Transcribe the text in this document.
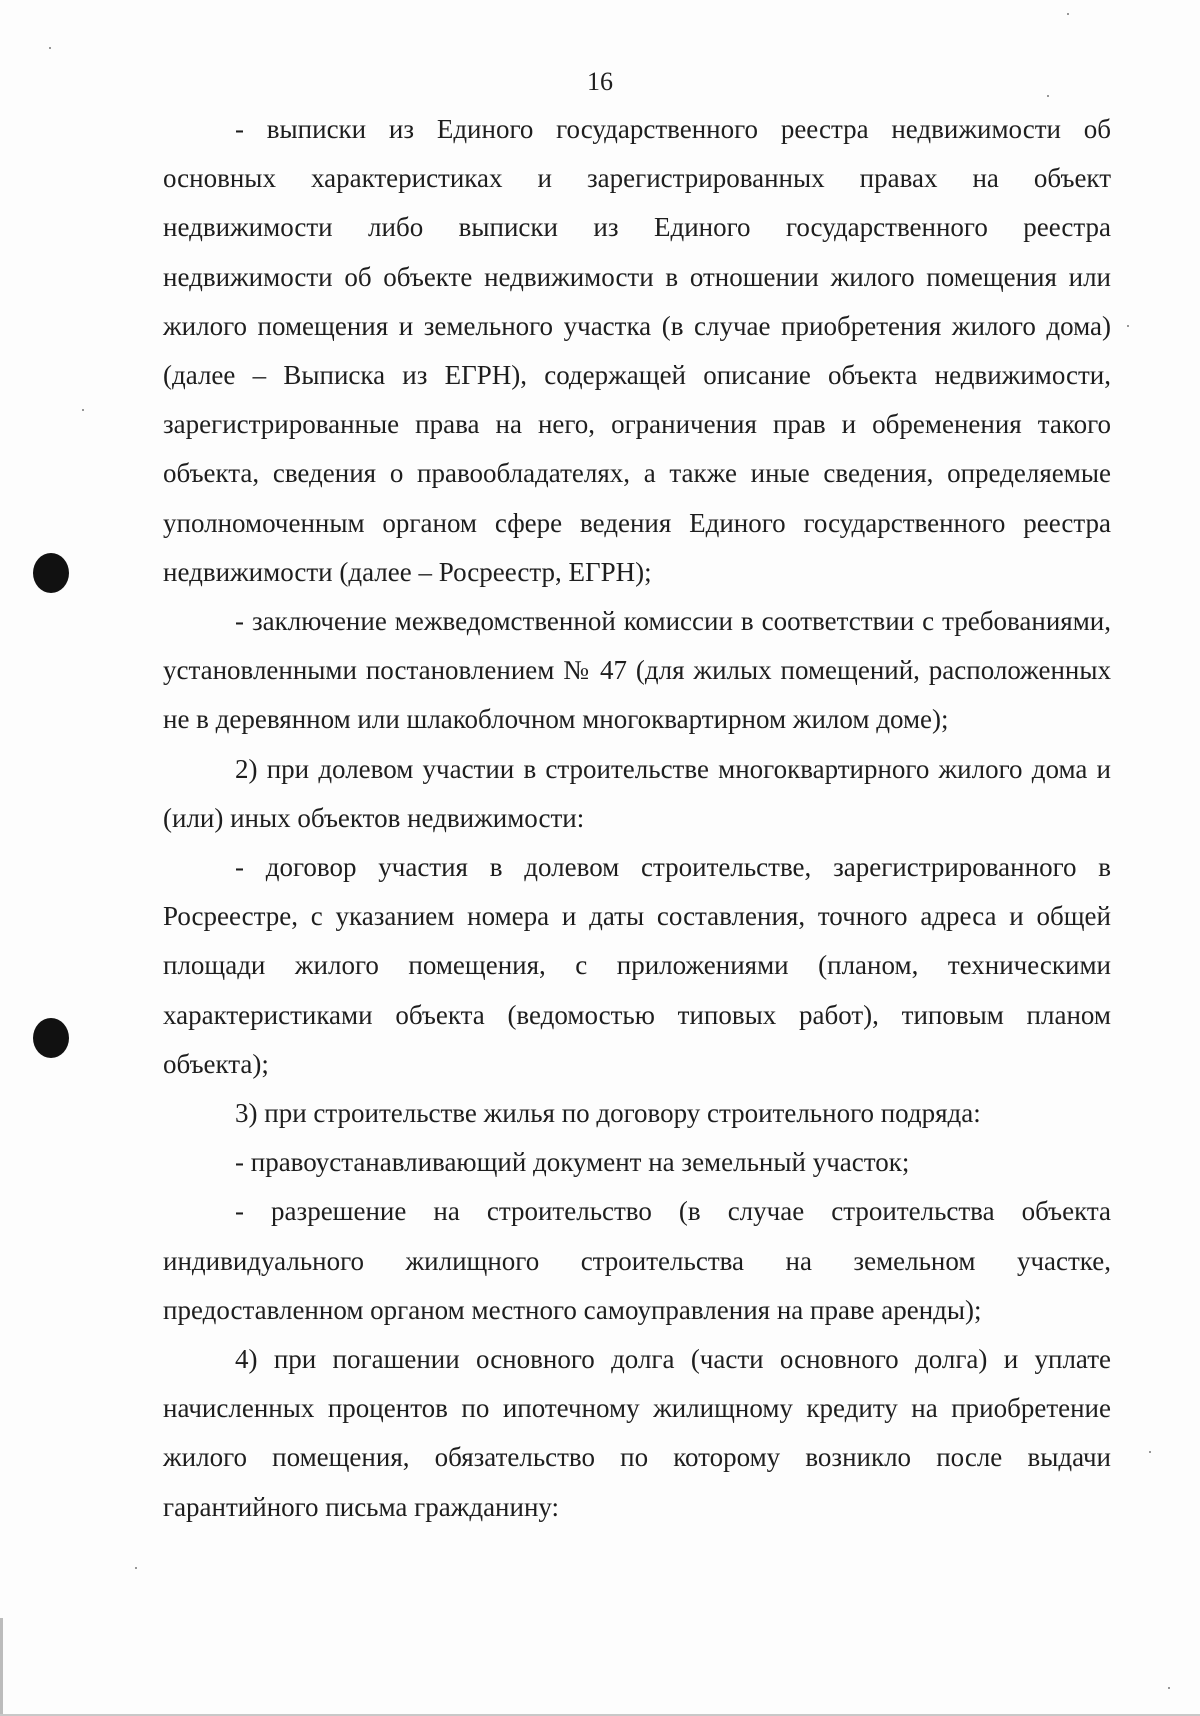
16

- выписки из Единого государственного реестра недвижимости об основных характеристиках и зарегистрированных правах на объект недвижимости либо выписки из Единого государственного реестра недвижимости об объекте недвижимости в отношении жилого помещения или жилого помещения и земельного участка (в случае приобретения жилого дома) (далее – Выписка из ЕГРН), содержащей описание объекта недвижимости, зарегистрированные права на него, ограничения прав и обременения такого объекта, сведения о правообладателях, а также иные сведения, определяемые уполномоченным органом сфере ведения Единого государственного реестра недвижимости (далее – Росреестр, ЕГРН);

- заключение межведомственной комиссии в соответствии с требованиями, установленными постановлением № 47 (для жилых помещений, расположенных не в деревянном или шлакоблочном многоквартирном жилом доме);

2) при долевом участии в строительстве многоквартирного жилого дома и (или) иных объектов недвижимости:

- договор участия в долевом строительстве, зарегистрированного в Росреестре, с указанием номера и даты составления, точного адреса и общей площади жилого помещения, с приложениями (планом, техническими характеристиками объекта (ведомостью типовых работ), типовым планом объекта);

3) при строительстве жилья по договору строительного подряда:

- правоустанавливающий документ на земельный участок;

- разрешение на строительство (в случае строительства объекта индивидуального жилищного строительства на земельном участке, предоставленном органом местного самоуправления на праве аренды);

4) при погашении основного долга (части основного долга) и уплате начисленных процентов по ипотечному жилищному кредиту на приобретение жилого помещения, обязательство по которому возникло после выдачи гарантийного письма гражданину:
